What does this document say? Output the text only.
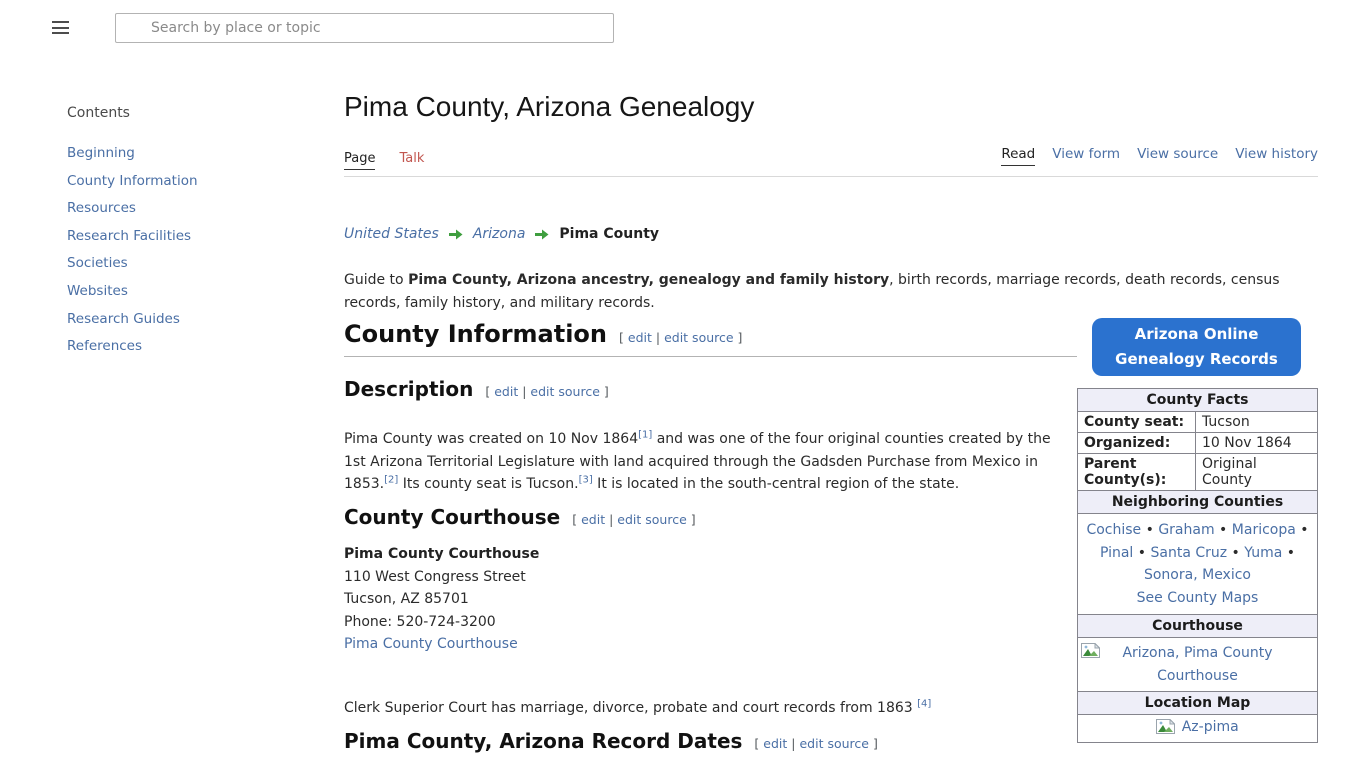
Search by place or topic
Contents
Beginning
County Information
Resources
Research Facilities
Societies
Websites
Research Guides
References
Pima County, Arizona Genealogy
Page Talk	Read View form View source View history
United States Arizona Pima County

Guide to Pima County, Arizona ancestry, genealogy and family history, birth records, marriage records, death records, census records, family history, and military records.

County Information [ edit | edit source ]
Description [ edit | edit source ]

Pima County was created on 10 Nov 1864[1] and was one of the four original counties created by the 1st Arizona Territorial Legislature with land acquired through the Gadsden Purchase from Mexico in 1853.[2] Its county seat is Tucson.[3] It is located in the south-central region of the state.

County Courthouse [ edit | edit source ]
Pima County Courthouse
110 West Congress Street
Tucson, AZ 85701
Phone: 520-724-3200
Pima County Courthouse

Clerk Superior Court has marriage, divorce, probate and court records from 1863 [4]

Pima County, Arizona Record Dates [ edit | edit source ]
Arizona Online Genealogy Records
County Facts	
County seat:	Tucson
Organized:	10 Nov 1864
Parent County(s):	Original County
Neighboring Counties	
Cochise • Graham • Maricopa • Pinal • Santa Cruz • Yuma • Sonora, Mexico
See County Maps	
Courthouse	

Arizona, Pima County Courthouse	
Location Map	
Az-pima	
